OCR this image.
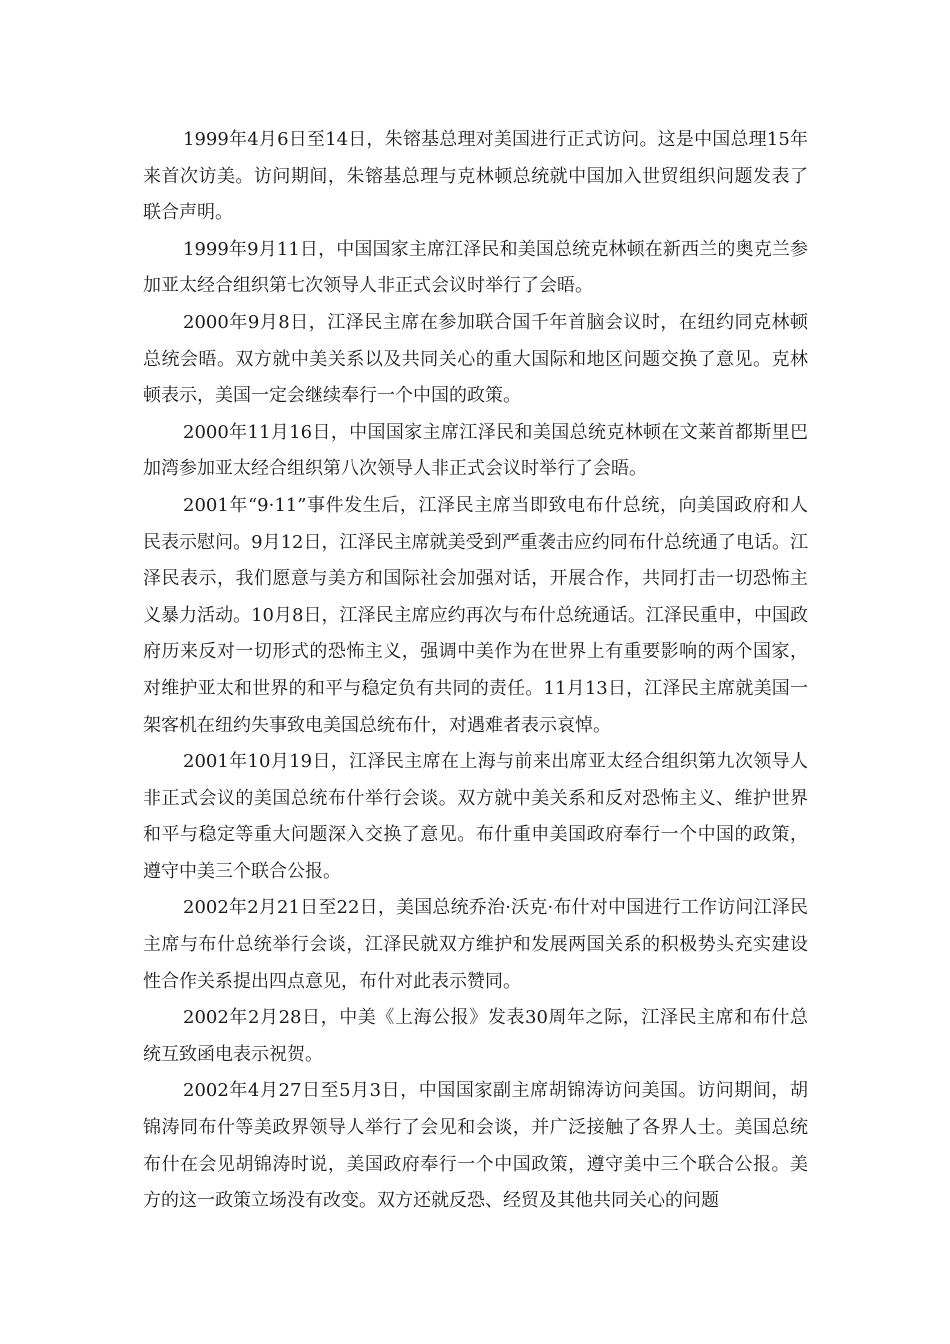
1999年4月6日至14日，朱镕基总理对美国进行正式访问。这是中国总理15年来首次访美。访问期间，朱镕基总理与克林顿总统就中国加入世贸组织问题发表了联合声明。

1999年9月11日，中国国家主席江泽民和美国总统克林顿在新西兰的奥克兰参加亚太经合组织第七次领导人非正式会议时举行了会晤。

2000年9月8日，江泽民主席在参加联合国千年首脑会议时，在纽约同克林顿总统会晤。双方就中美关系以及共同关心的重大国际和地区问题交换了意见。克林顿表示，美国一定会继续奉行一个中国的政策。

2000年11月16日，中国国家主席江泽民和美国总统克林顿在文莱首都斯里巴加湾参加亚太经合组织第八次领导人非正式会议时举行了会晤。

2001年“9·11”事件发生后，江泽民主席当即致电布什总统，向美国政府和人民表示慰问。9月12日，江泽民主席就美受到严重袭击应约同布什总统通了电话。江泽民表示，我们愿意与美方和国际社会加强对话，开展合作，共同打击一切恐怖主义暴力活动。10月8日，江泽民主席应约再次与布什总统通话。江泽民重申，中国政府历来反对一切形式的恐怖主义，强调中美作为在世界上有重要影响的两个国家，对维护亚太和世界的和平与稳定负有共同的责任。11月13日，江泽民主席就美国一架客机在纽约失事致电美国总统布什，对遇难者表示哀悼。

2001年10月19日，江泽民主席在上海与前来出席亚太经合组织第九次领导人非正式会议的美国总统布什举行会谈。双方就中美关系和反对恐怖主义、维护世界和平与稳定等重大问题深入交换了意见。布什重申美国政府奉行一个中国的政策，遵守中美三个联合公报。

2002年2月21日至22日，美国总统乔治·沃克·布什对中国进行工作访问江泽民主席与布什总统举行会谈，江泽民就双方维护和发展两国关系的积极势头充实建设性合作关系提出四点意见，布什对此表示赞同。

2002年2月28日，中美《上海公报》发表30周年之际，江泽民主席和布什总统互致函电表示祝贺。

2002年4月27日至5月3日，中国国家副主席胡锦涛访问美国。访问期间，胡锦涛同布什等美政界领导人举行了会见和会谈，并广泛接触了各界人士。美国总统布什在会见胡锦涛时说，美国政府奉行一个中国政策，遵守美中三个联合公报。美方的这一政策立场没有改变。双方还就反恐、经贸及其他共同关心的问题
